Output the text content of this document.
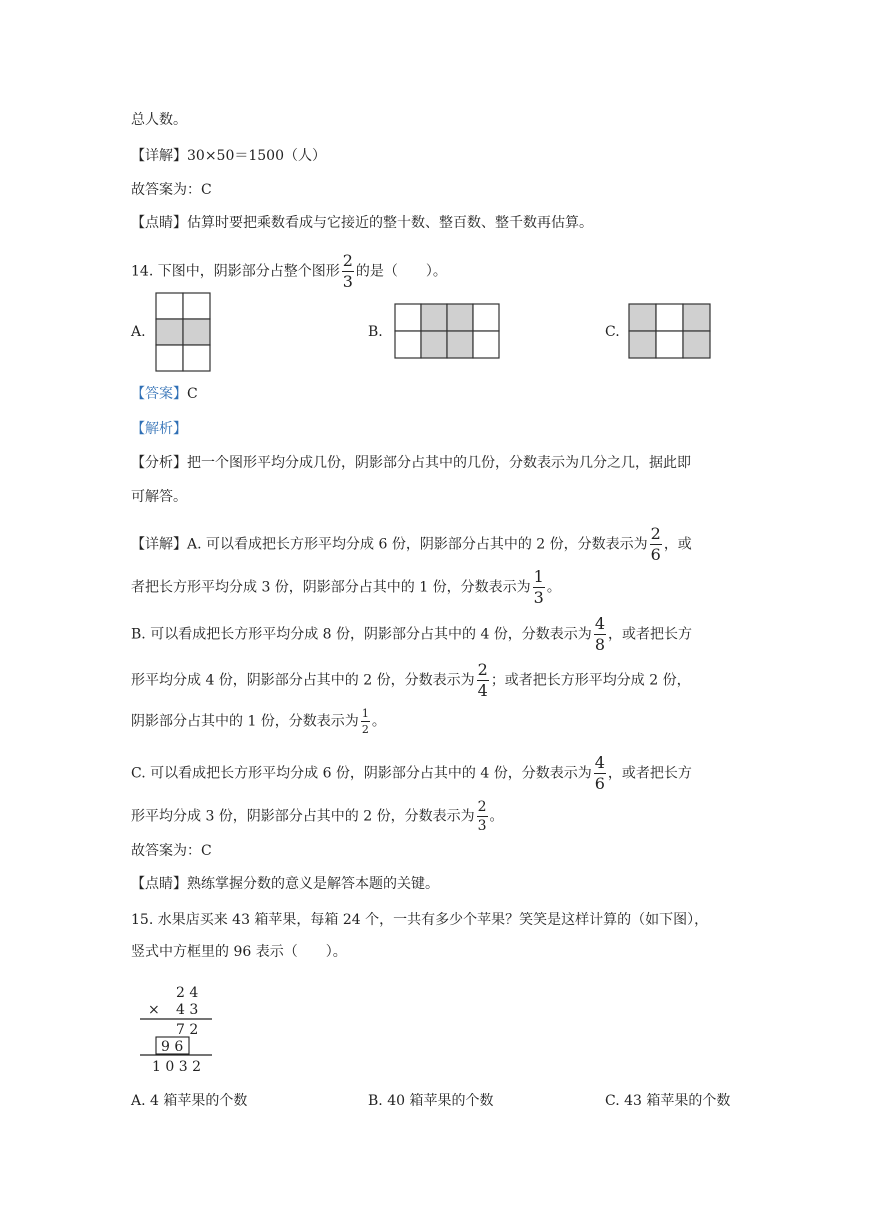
总人数。
【详解】30×50＝1500（人）
故答案为：C
【点睛】估算时要把乘数看成与它接近的整十数、整百数、整千数再估算。
14. 下图中，阴影部分占整个图形 $\frac{2}{3}$ 的是（　　）。
A.	B.	C.
【答案】C
【解析】
【分析】把一个图形平均分成几份，阴影部分占其中的几份，分数表示为几分之几，据此即
可解答。
【详解】A. 可以看成把长方形平均分成 6 份，阴影部分占其中的 2 份，分数表示为 $\frac{2}{6}$ ，或
者把长方形平均分成 3 份，阴影部分占其中的 1 份，分数表示为 $\frac{1}{3}$ 。
B. 可以看成把长方形平均分成 8 份，阴影部分占其中的 4 份，分数表示为 $\frac{4}{8}$ ，或者把长方
形平均分成 4 份，阴影部分占其中的 2 份，分数表示为 $\frac{2}{4}$ ；或者把长方形平均分成 2 份，
阴影部分占其中的 1 份，分数表示为 $\frac{1}{2}$ 。
C. 可以看成把长方形平均分成 6 份，阴影部分占其中的 4 份，分数表示为 $\frac{4}{6}$ ，或者把长方
形平均分成 3 份，阴影部分占其中的 2 份，分数表示为 $\frac{2}{3}$ 。
故答案为：C
【点睛】熟练掌握分数的意义是解答本题的关键。
15. 水果店买来 43 箱苹果，每箱 24 个，一共有多少个苹果？笑笑是这样计算的（如下图），
竖式中方框里的 96 表示（　　）。
2 4
× 4 3
7 2
9 6
1 0 3 2
A. 4 箱苹果的个数	B. 40 箱苹果的个数	C. 43 箱苹果的个数
